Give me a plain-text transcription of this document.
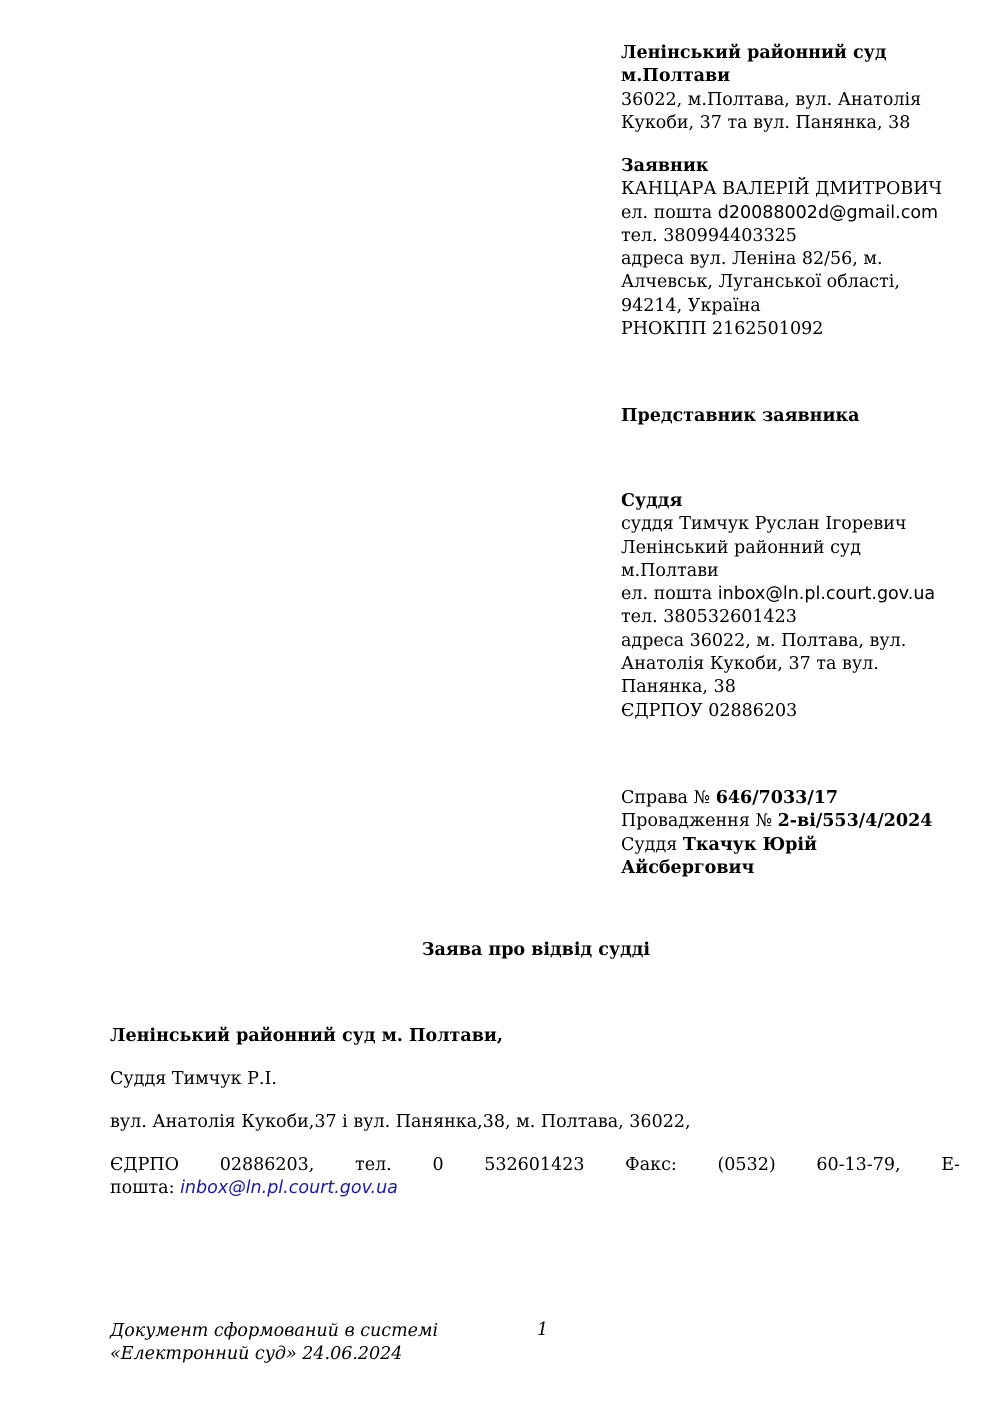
Ленінський районний суд
м.Полтави
36022, м.Полтава, вул. Анатолія
Кукоби, 37 та вул. Панянка, 38
Заявник
КАНЦАРА ВАЛЕРІЙ ДМИТРОВИЧ
ел. пошта d20088002d@gmail.com
тел. 380994403325
адреса вул. Леніна 82/56, м.
Алчевськ, Луганської області,
94214, Україна
РНОКПП 2162501092
Представник заявника
Суддя
суддя Тимчук Руслан Ігоревич
Ленінський районний суд
м.Полтави
ел. пошта inbox@ln.pl.court.gov.ua
тел. 380532601423
адреса 36022, м. Полтава, вул.
Анатолія Кукоби, 37 та вул.
Панянка, 38
ЄДРПОУ 02886203
Справа № 646/7033/17
Провадження № 2-ві/553/4/2024
Суддя Ткачук Юрій
Айсбергович
Заява про відвід судді
Ленінський районний суд м. Полтави,
Суддя Тимчук Р.І.
вул. Анатолія Кукоби,37 і вул. Панянка,38, м. Полтава, 36022,
ЄДРПО 02886203, тел. 0 532601423 Факс: (0532) 60-13-79, Е-
пошта: inbox@ln.pl.court.gov.ua
Документ сформований в системі
«Електронний суд» 24.06.2024
1
